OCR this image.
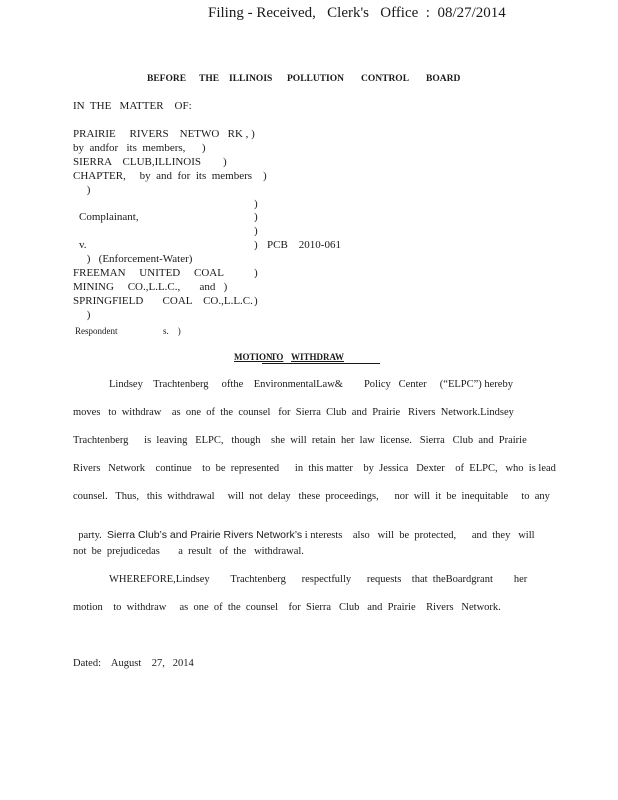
Filing - Received,   Clerk's   Office  :  08/27/2014
BEFORE THE ILLINOIS POLLUTION CONTROL BOARD
IN  THE   MATTER    OF:
PRAIRIE     RIVERS    NETWO   RK , )
by  andfor   its  members,      )
SIERRA    CLUB,ILLINOIS        )
CHAPTER,     by  and  for  its  members    )
)
Complainant,
v.
)   (Enforcement-Water)
FREEMAN     UNITED     COAL
MINING     CO.,L.L.C.,       and   )
SPRINGFIELD       COAL    CO.,L.L.C.
)
Respondent	s.    )
)
)
)
)
)
)
PCB    2010-061
MOTION
TO WITHDRAW
Lindsey    Trachtenberg     ofthe    EnvironmentalLaw&        Policy   Center     (“ELPC”) hereby
moves   to  withdraw    as  one  of  the  counsel   for  Sierra  Club  and  Prairie   Rivers  Network.Lindsey
Trachtenberg      is  leaving   ELPC,   though    she  will  retain  her  law  license.   Sierra   Club  and  Prairie
Rivers   Network    continue    to  be  represented      in  this matter    by  Jessica   Dexter    of  ELPC,   who  is lead
counsel.   Thus,   this  withdrawal     will  not  delay   these  proceedings,      nor  will  it  be  inequitable     to  any

party.  Sierra Club’s and Prairie Rivers Network’s i nterests    also   will  be  protected,      and  they   will

not  be  prejudicedas       a  result   of  the   withdrawal.
WHEREFORE,Lindsey        Trachtenberg      respectfully      requests    that  theBoardgrant        her
motion    to  withdraw     as  one  of  the  counsel    for  Sierra   Club   and  Prairie    Rivers   Network.
Dated:    August    27,   2014
